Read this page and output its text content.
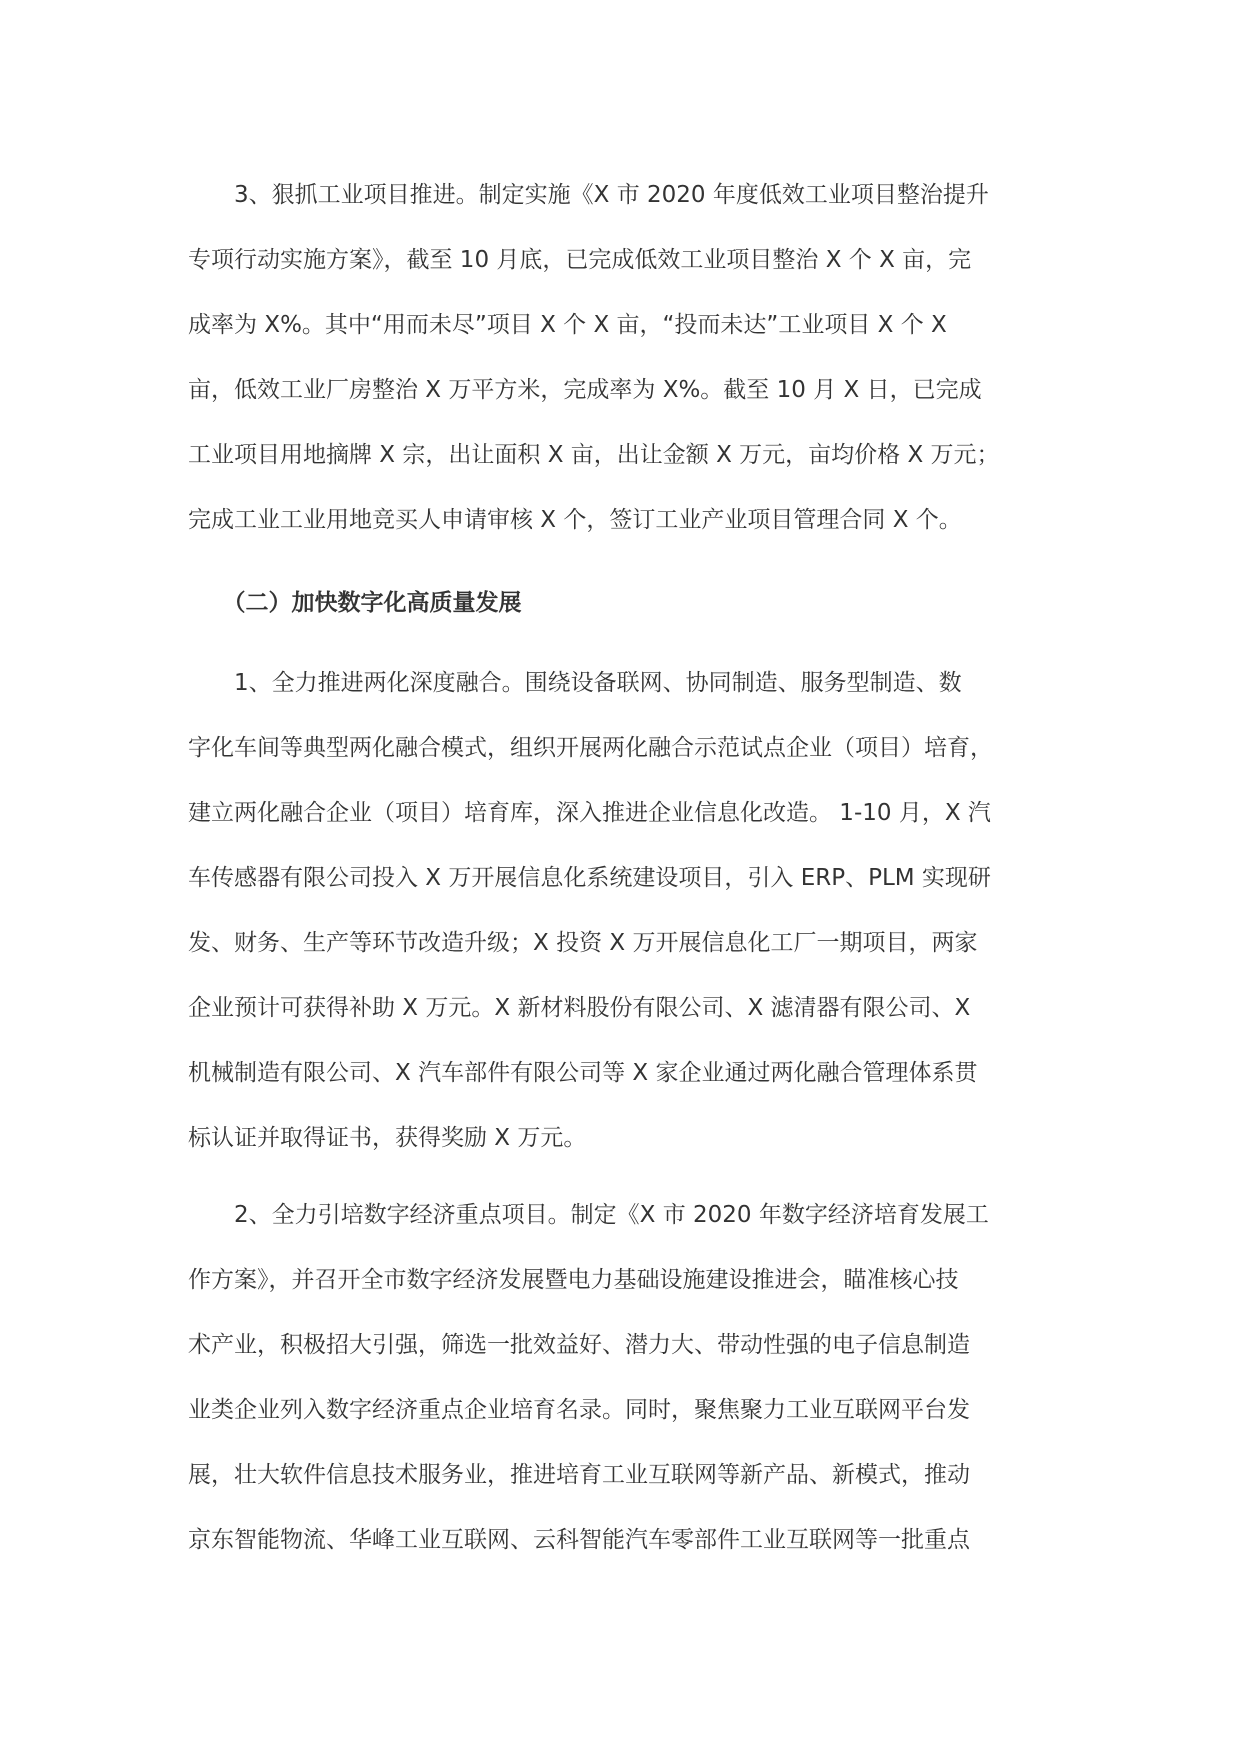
　　3、狠抓工业项目推进。制定实施《X 市 2020 年度低效工业项目整治提升
专项行动实施方案》，截至 10 月底，已完成低效工业项目整治 X 个 X 亩，完
成率为 X%。其中“用而未尽”项目 X 个 X 亩，“投而未达”工业项目 X 个 X
亩，低效工业厂房整治 X 万平方米，完成率为 X%。截至 10 月 X 日，已完成
工业项目用地摘牌 X 宗，出让面积 X 亩，出让金额 X 万元，亩均价格 X 万元；
完成工业工业用地竞买人申请审核 X 个，签订工业产业项目管理合同 X 个。
　　（二）加快数字化高质量发展
　　1、全力推进两化深度融合。围绕设备联网、协同制造、服务型制造、数
字化车间等典型两化融合模式，组织开展两化融合示范试点企业（项目）培育，
建立两化融合企业（项目）培育库，深入推进企业信息化改造。 1-10 月，X 汽
车传感器有限公司投入 X 万开展信息化系统建设项目，引入 ERP、PLM 实现研
发、财务、生产等环节改造升级；X 投资 X 万开展信息化工厂一期项目，两家
企业预计可获得补助 X 万元。X 新材料股份有限公司、X 滤清器有限公司、X
机械制造有限公司、X 汽车部件有限公司等 X 家企业通过两化融合管理体系贯
标认证并取得证书，获得奖励 X 万元。
　　2、全力引培数字经济重点项目。制定《X 市 2020 年数字经济培育发展工
作方案》，并召开全市数字经济发展暨电力基础设施建设推进会，瞄准核心技
术产业，积极招大引强，筛选一批效益好、潜力大、带动性强的电子信息制造
业类企业列入数字经济重点企业培育名录。同时，聚焦聚力工业互联网平台发
展，壮大软件信息技术服务业，推进培育工业互联网等新产品、新模式，推动
京东智能物流、华峰工业互联网、云科智能汽车零部件工业互联网等一批重点
